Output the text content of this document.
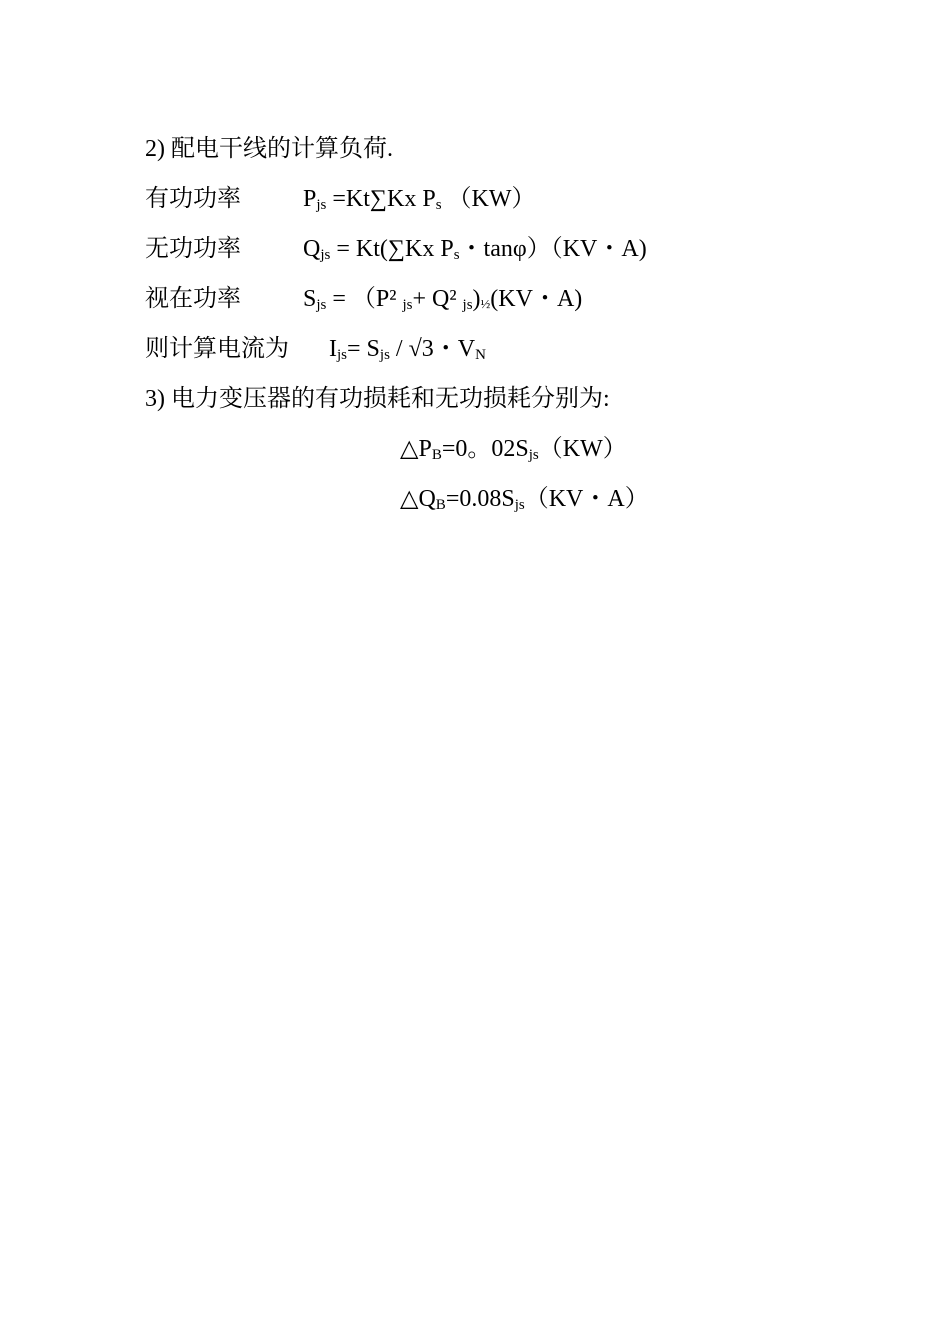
2) 配电干线的计算负荷.
有功功率	$P_{js} =Kt\sum Kx$ $P_s$ （KW）
无功功率	$Q_{js} = Kt(\sum Kx$ $P_s$・tanφ）（KV・A)
视在功率	$S_{js} = (P^2$ $_{js}$+ Q² $_{js}$)½(KV・A)
则计算电流为 $I_{js}= S_{js} / √3$・$V_N$
3) 电力变压器的有功损耗和无功损耗分别为:
$\triangle P_B=0$。$02S_{js}(KW)$
$\triangle Q_B=0.08S_{js}(KV$・A）
